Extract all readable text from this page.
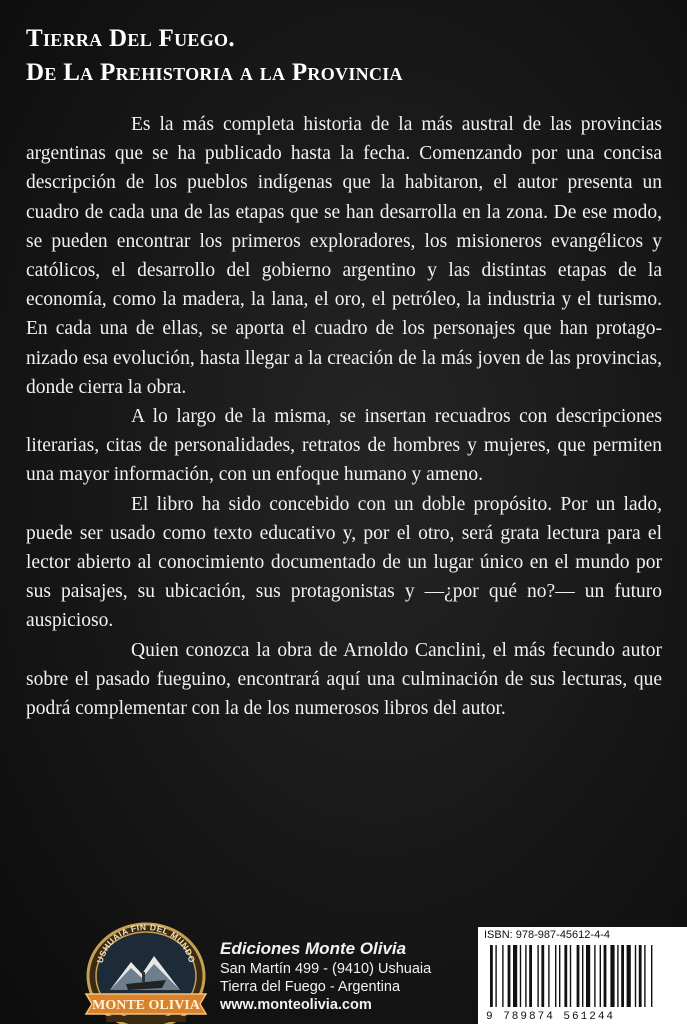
Tierra Del Fuego.
De La Prehistoria a la Provincia

Es la más completa historia de la más austral de las provincias argentinas que se ha publicado hasta la fecha. Comenzando por una concisa descripción de los pueblos indígenas que la habitaron, el autor presenta un cuadro de cada una de las etapas que se han desarrolla en la zona. De ese modo, se pueden encontrar los primeros exploradores, los misioneros evangélicos y católicos, el desarrollo del gobierno argentino y las distintas etapas de la economía, como la madera, la lana, el oro, el petróleo, la industria y el turismo. En cada una de ellas, se aporta el cuadro de los personajes que han protagonizado esa evolución, hasta llegar a la creación de la más joven de las provincias, donde cierra la obra.

A lo largo de la misma, se insertan recuadros con descripciones literarias, citas de personalidades, retratos de hombres y mujeres, que permiten una mayor información, con un enfoque humano y ameno.

El libro ha sido concebido con un doble propósito. Por un lado, puede ser usado como texto educativo y, por el otro, será grata lectura para el lector abierto al conocimiento documentado de un lugar único en el mundo por sus paisajes, su ubicación, sus protagonistas y —¿por qué no?— un futuro auspicioso.

Quien conozca la obra de Arnoldo Canclini, el más fecundo autor sobre el pasado fueguino, encontrará aquí una culminación de sus lecturas, que podrá complementar con la de los numerosos libros del autor.

USHUAIA FIN DEL MUNDO
MONTE OLIVIA
Ediciones Monte Olivia
San Martín 499 - (9410) Ushuaia
Tierra del Fuego - Argentina
www.monteolivia.com
ISBN: 978-987-45612-4-4
9 789874 561244
